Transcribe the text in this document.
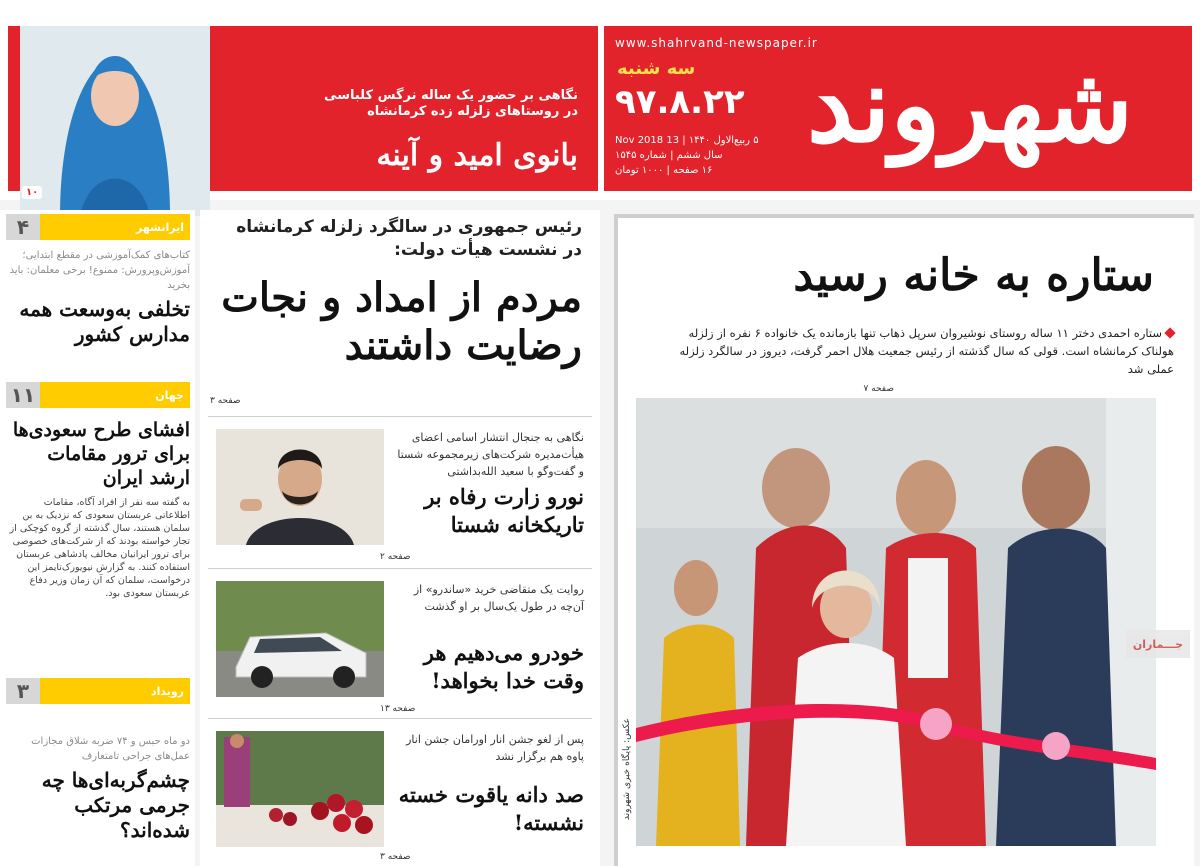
۱۰
نگاهی بر حضور یک ساله نرگس کلباسی
در روستاهای زلزله زده کرمانشاه
بانوی امید و آینه
www.shahrvand-newspaper.ir
شهروند
سه شنبه
۹۷.۸.۲۲
۵ ربیع‌الاول ۱۴۴۰ | 13 Nov 2018
سال ششم | شماره ۱۵۴۵
۱۶ صفحه | ۱۰۰۰ تومان
۴	ایرانشهر
کتاب‌های کمک‌آموزشی در مقطع ابتدایی؛ آموزش‌وپرورش: ممنوع! برخی معلمان: باید بخرید
تخلفی به‌وسعت همه مدارس کشور
۱۱	جهان
افشای طرح سعودی‌ها برای ترور مقامات ارشد ایران
به گفته سه نفر از افراد آگاه، مقامات اطلاعاتی عربستان سعودی که نزدیک به بن سلمان هستند، سال گذشته از گروه کوچکی از تجار خواسته بودند که از شرکت‌های خصوصی برای ترور ایرانیان مخالف پادشاهی عربستان استفاده کنند. به گزارش نیویورک‌تایمز این درخواست، سلمان که آن زمان وزیر دفاع عربستان سعودی بود.
۳	رویداد
دو ماه حبس و ۷۴ ضربه شلاق مجازات عمل‌های جراحی تامتعارف
چشم‌گربه‌ای‌ها چه جرمی مرتکب شده‌اند؟
رئیس جمهوری در سالگرد زلزله کرمانشاه
در نشست هیأت دولت:
مردم از امداد و نجات
رضایت داشتند
صفحه ۳
نگاهی به جنجال انتشار اسامی اعضای هیأت‌مدیره شرکت‌های زیرمجموعه شستا و گفت‌وگو با سعید الله‌بداشتی
نورو زارت رفاه بر تاریکخانه‌ شستا
صفحه ۲
روایت یک متقاضی خرید «ساندرو» از آن‌چه در طول یک‌سال بر او گذشت
خودرو می‌دهیم هر وقت خدا بخواهد!
صفحه ۱۳
پس از لغو جشن انار اورامان جشن انار پاوه هم برگزار نشد
صد دانه یاقوت خسته نشسته!
صفحه ۳
ستاره به خانه رسید
ستاره احمدی دختر ۱۱ ساله روستای نوشیروان سرپل ذهاب تنها بازمانده یک خانواده ۶ نفره از زلزله هولناک کرمانشاه است. قولی که سال گذشته از رئیس جمعیت هلال احمر گرفت، دیروز در سالگرد زلزله عملی شد
صفحه ۷
عکس: پایگاه خبری شهروند
جـــماران
